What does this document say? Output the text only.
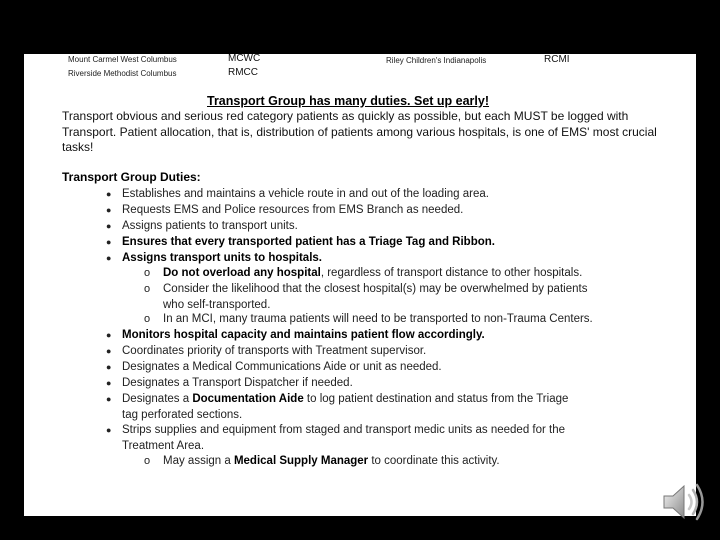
Mount Carmel West Columbus	MCWC	Riley Children's Indianapolis	RCMI
Riverside Methodist Columbus	RMCC
Transport Group has many duties. Set up early!
Transport obvious and serious red category patients as quickly as possible, but each MUST be logged with Transport. Patient allocation, that is, distribution of patients among various hospitals, is one of EMS' most crucial tasks!
Transport Group Duties:
● Establishes and maintains a vehicle route in and out of the loading area.
● Requests EMS and Police resources from EMS Branch as needed.
● Assigns patients to transport units.
● Ensures that every transported patient has a Triage Tag and Ribbon.
● Assigns transport units to hospitals.
o Do not overload any hospital, regardless of transport distance to other hospitals.
o Consider the likelihood that the closest hospital(s) may be overwhelmed by patients
who self-transported.
o In an MCI, many trauma patients will need to be transported to non-Trauma Centers.
● Monitors hospital capacity and maintains patient flow accordingly.
● Coordinates priority of transports with Treatment supervisor.
● Designates a Medical Communications Aide or unit as needed.
● Designates a Transport Dispatcher if needed.
● Designates a Documentation Aide to log patient destination and status from the Triage
tag perforated sections.
● Strips supplies and equipment from staged and transport medic units as needed for the
Treatment Area.
o May assign a Medical Supply Manager to coordinate this activity.
